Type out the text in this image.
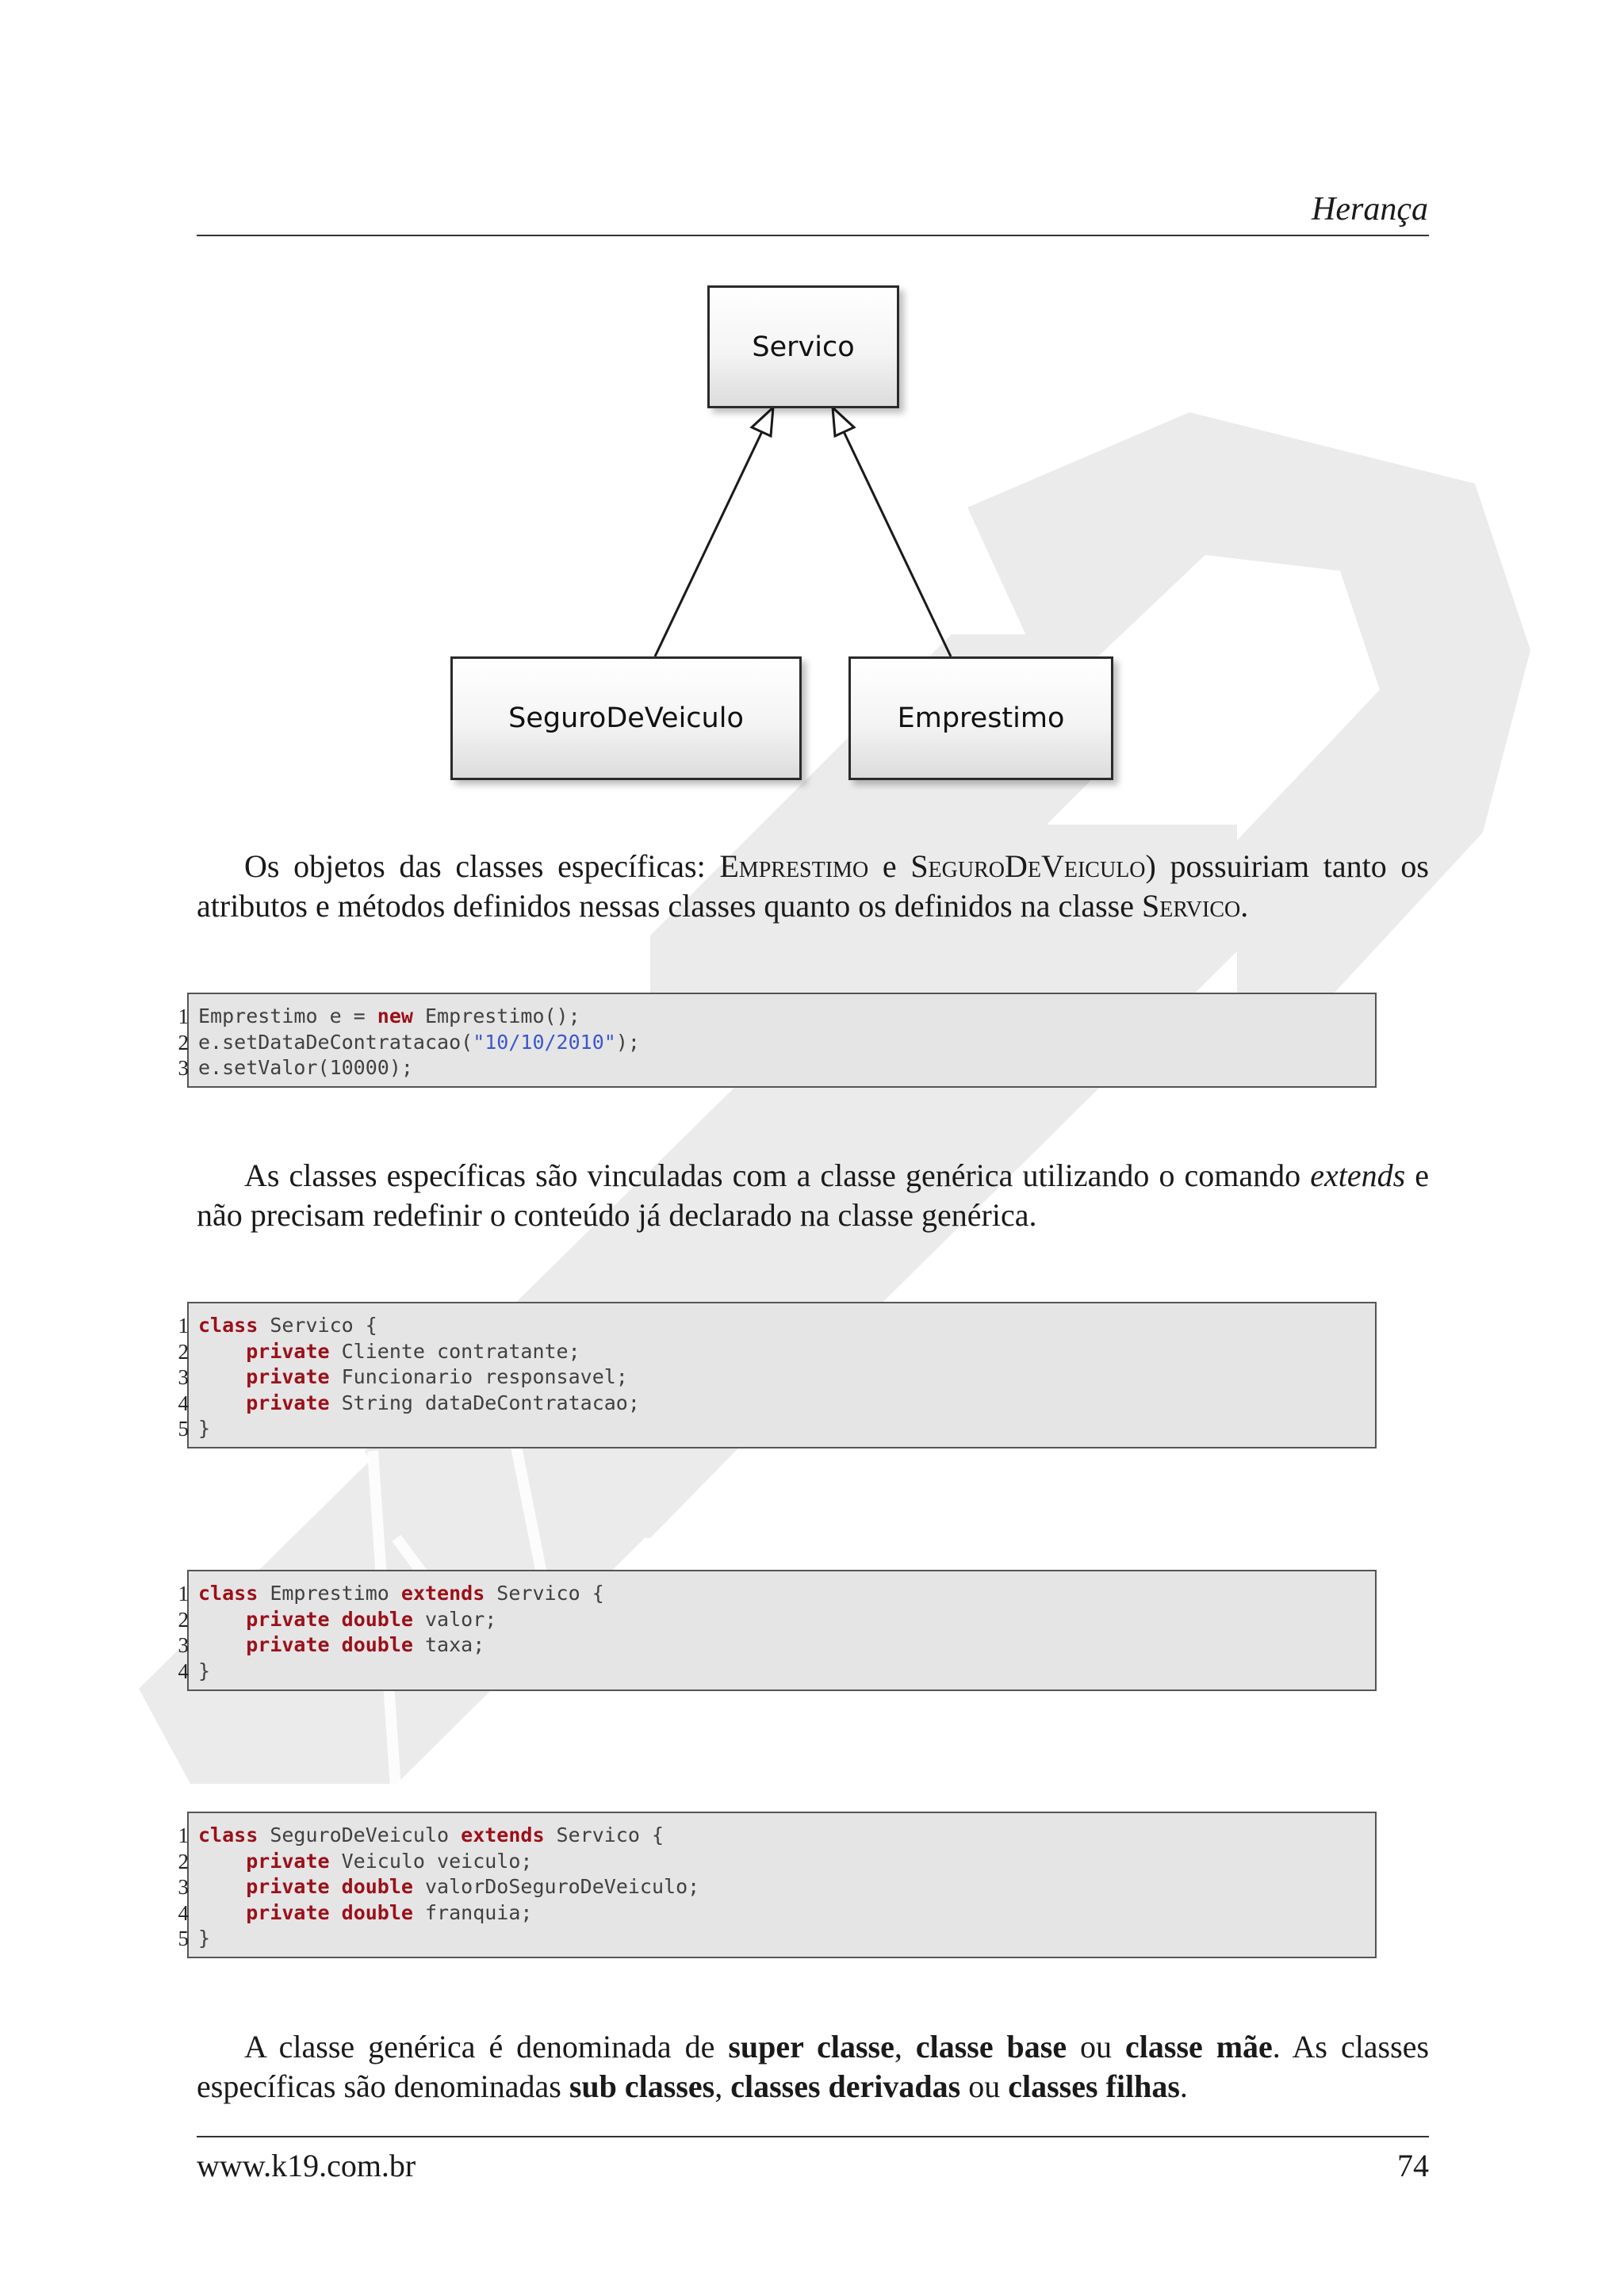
Herança
Servico
SeguroDeVeiculo	Emprestimo
Os objetos das classes específicas: Emprestimo e SeguroDeVeiculo) possuiriam tanto os atributos e métodos definidos nessas classes quanto os definidos na classe Servico.
1 Emprestimo e = new Emprestimo();
2 e.setDataDeContratacao("10/10/2010");
3 e.setValor(10000);
As classes específicas são vinculadas com a classe genérica utilizando o comando extends e não precisam redefinir o conteúdo já declarado na classe genérica.
1 class Servico {
2	private Cliente contratante;
3	private Funcionario responsavel;
4	private String dataDeContratacao;
5 }
1 class Emprestimo extends Servico {
2	private double valor;
3	private double taxa;
4 }
1 class SeguroDeVeiculo extends Servico {
2	private Veiculo veiculo;
3	private double valorDoSeguroDeVeiculo;
4	private double franquia;
5 }
A classe genérica é denominada de super classe, classe base ou classe mãe. As classes específicas são denominadas sub classes, classes derivadas ou classes filhas.
www.k19.com.br	74
